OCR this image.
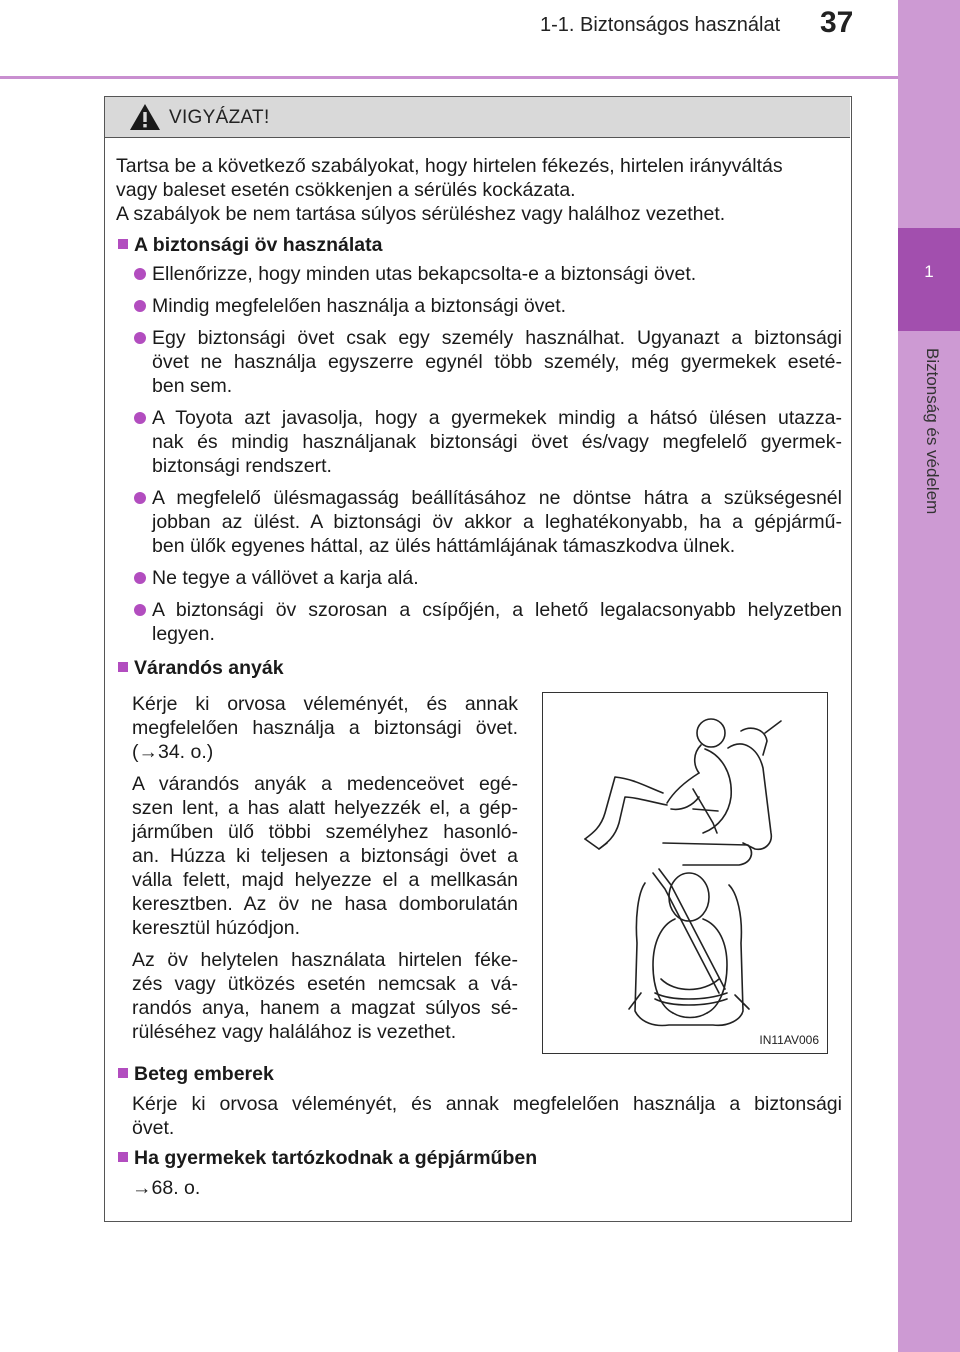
1-1. Biztonságos használat 37
1
Biztonság és védelem
VIGYÁZAT!
Tartsa be a következő szabályokat, hogy hirtelen fékezés, hirtelen irányváltás
vagy baleset esetén csökkenjen a sérülés kockázata.
A szabályok be nem tartása súlyos sérüléshez vagy halálhoz vezethet.
A biztonsági öv használata
Ellenőrizze, hogy minden utas bekapcsolta-e a biztonsági övet.
Mindig megfelelően használja a biztonsági övet.
Egy biztonsági övet csak egy személy használhat. Ugyanazt a biztonsági
övet ne használja egyszerre egynél több személy, még gyermekek eseté-
ben sem.
A Toyota azt javasolja, hogy a gyermekek mindig a hátsó ülésen utazza-
nak és mindig használjanak biztonsági övet és/vagy megfelelő gyermek-
biztonsági rendszert.
A megfelelő ülésmagasság beállításához ne döntse hátra a szükségesnél
jobban az ülést. A biztonsági öv akkor a leghatékonyabb, ha a gépjármű-
ben ülők egyenes háttal, az ülés háttámlájának támaszkodva ülnek.
Ne tegye a vállövet a karja alá.
A biztonsági öv szorosan a csípőjén, a lehető legalacsonyabb helyzetben
legyen.
Várandós anyák
Kérje ki orvosa véleményét, és annak
megfelelően használja a biztonsági övet.
(→34. o.)
A várandós anyák a medenceövet egé-
szen lent, a has alatt helyezzék el, a gép-
járműben ülő többi személyhez hasonló-
an. Húzza ki teljesen a biztonsági övet a
válla felett, majd helyezze el a mellkasán
keresztben. Az öv ne hasa domborulatán
keresztül húzódjon.
Az öv helytelen használata hirtelen féke-
zés vagy ütközés esetén nemcsak a vá-
randós anya, hanem a magzat súlyos sé-
rüléséhez vagy halálához is vezethet.	IN11AV006
Beteg emberek
Kérje ki orvosa véleményét, és annak megfelelően használja a biztonsági
övet.
Ha gyermekek tartózkodnak a gépjárműben
→68. o.
